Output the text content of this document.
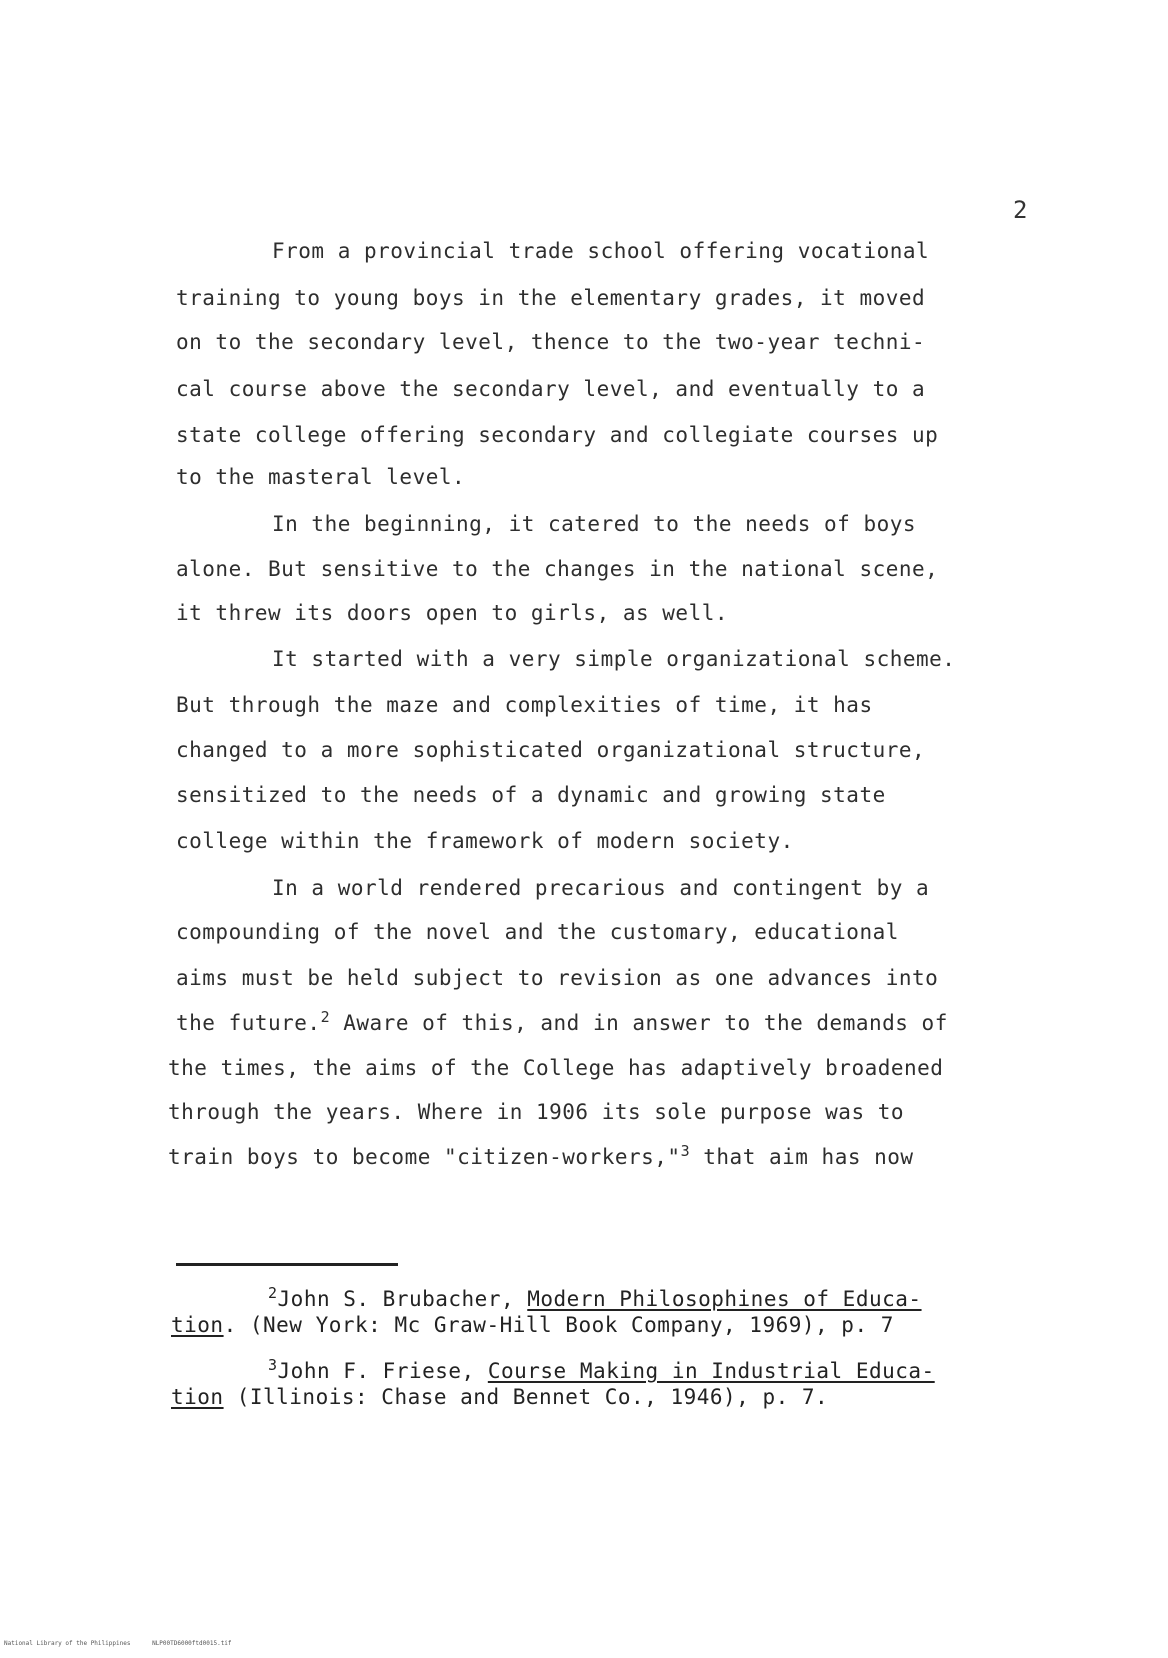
2
From a provincial trade school offering vocational
training to young boys in the elementary grades, it moved
on to the secondary level, thence to the two-year techni-
cal course above the secondary level, and eventually to a
state college offering secondary and collegiate courses up
to the masteral level.
In the beginning, it catered to the needs of boys
alone. But sensitive to the changes in the national scene,
it threw its doors open to girls, as well.
It started with a very simple organizational scheme.
But through the maze and complexities of time, it has
changed to a more sophisticated organizational structure,
sensitized to the needs of a dynamic and growing state
college within the framework of modern society.
In a world rendered precarious and contingent by a
compounding of the novel and the customary, educational
aims must be held subject to revision as one advances into
the future.$^2$ Aware of this, and in answer to the demands of
the times, the aims of the College has adaptively broadened
through the years. Where in 1906 its sole purpose was to
train boys to become "citizen-workers,"$^3$ that aim has now
$^2$John S. Brubacher, Modern Philosophines of Educa-
tion. (New York: Mc Graw-Hill Book Company, 1969), p. 7
$^3$John F. Friese, Course Making in Industrial Educa-
tion (Illinois: Chase and Bennet Co., 1946), p. 7.
National Library of the Philippines	NLP00TD6000ftd0015.tif
